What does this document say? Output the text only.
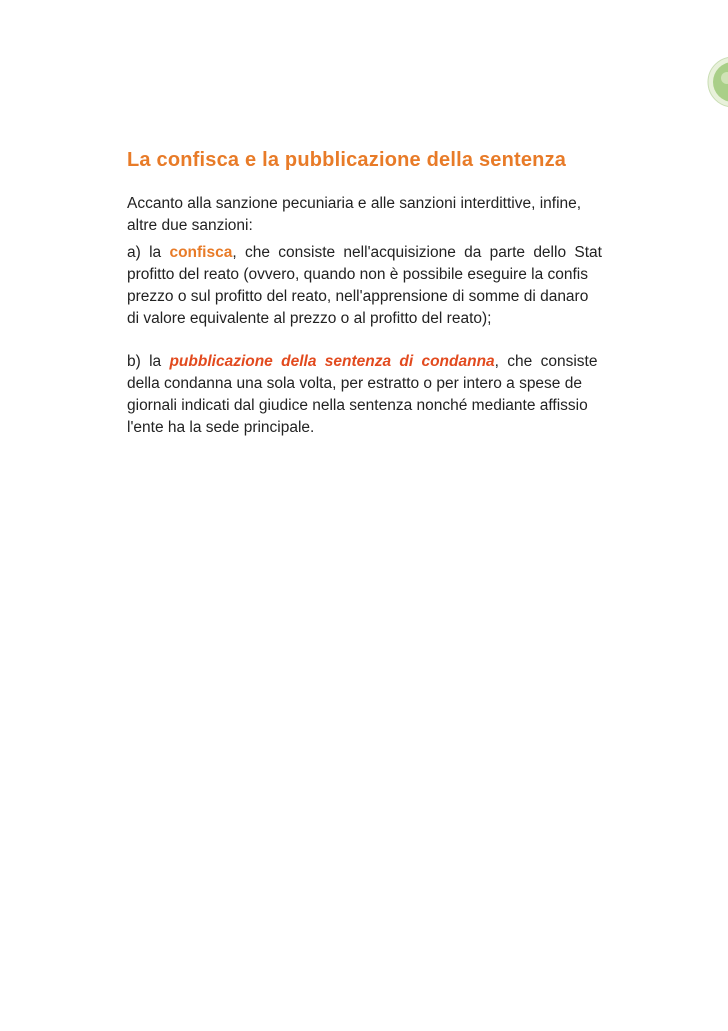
La confisca e la pubblicazione della sentenza

Accanto alla sanzione pecuniaria e alle sanzioni interdittive, infine,
altre due sanzioni:

a) la confisca, che consiste nell'acquisizione da parte dello Stat
profitto del reato (ovvero, quando non è possibile eseguire la confis
prezzo o sul profitto del reato, nell'apprensione di somme di danaro
di valore equivalente al prezzo o al profitto del reato);

b) la pubblicazione della sentenza di condanna, che consiste
della condanna una sola volta, per estratto o per intero a spese de
giornali indicati dal giudice nella sentenza nonché mediante affissio
l'ente ha la sede principale.
